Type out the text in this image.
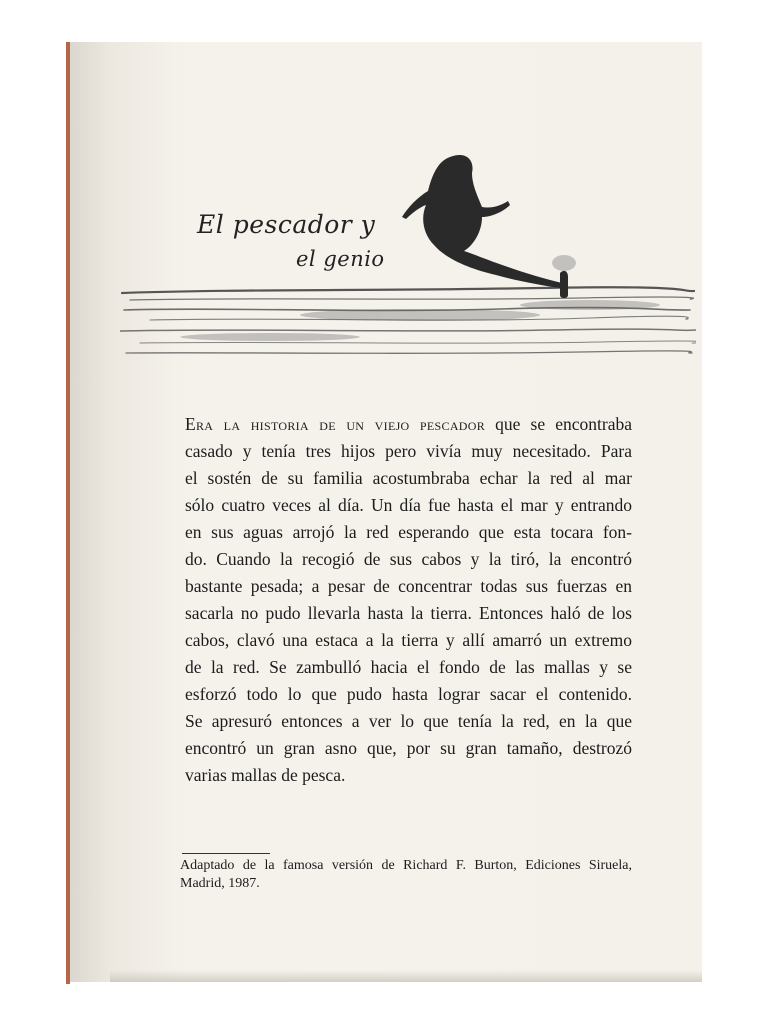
El pescador y
el genio
Era la historia de un viejo pescador que se encontraba
casado y tenía tres hijos pero vivía muy necesitado. Para
el sostén de su familia acostumbraba echar la red al mar
sólo cuatro veces al día. Un día fue hasta el mar y entrando
en sus aguas arrojó la red esperando que esta tocara fon-
do. Cuando la recogió de sus cabos y la tiró, la encontró
bastante pesada; a pesar de concentrar todas sus fuerzas en
sacarla no pudo llevarla hasta la tierra. Entonces haló de los
cabos, clavó una estaca a la tierra y allí amarró un extremo
de la red. Se zambulló hacia el fondo de las mallas y se
esforzó todo lo que pudo hasta lograr sacar el contenido.
Se apresuró entonces a ver lo que tenía la red, en la que
encontró un gran asno que, por su gran tamaño, destrozó
varias mallas de pesca.
Adaptado de la famosa versión de Richard F. Burton, Ediciones Siruela,
Madrid, 1987.
